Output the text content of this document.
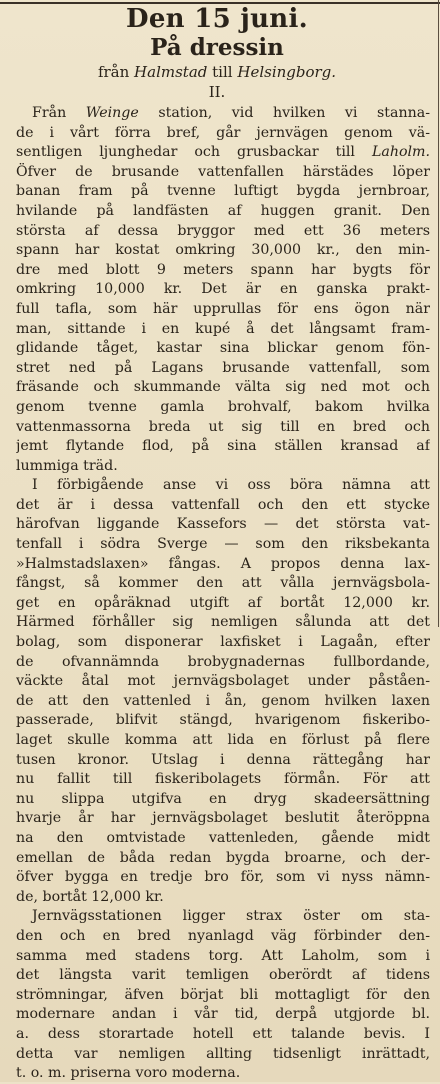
Den 15 juni.
På dressin
från Halmstad till Helsingborg.
II.
Från Weinge station, vid hvilken vi stanna-
de i vårt förra bref, går jernvägen genom vä-
sentligen ljunghedar och grusbackar till Laholm.
Öfver de brusande vattenfallen härstädes löper
banan fram på tvenne luftigt bygda jernbroar,
hvilande på landfästen af huggen granit. Den
största af dessa bryggor med ett 36 meters
spann har kostat omkring 30,000 kr., den min-
dre med blott 9 meters spann har bygts för
omkring 10,000 kr. Det är en ganska prakt-
full tafla, som här upprullas för ens ögon när
man, sittande i en kupé å det långsamt fram-
glidande tåget, kastar sina blickar genom fön-
stret ned på Lagans brusande vattenfall, som
fräsande och skummande välta sig ned mot och
genom tvenne gamla brohvalf, bakom hvilka
vattenmassorna breda ut sig till en bred och
jemt flytande flod, på sina ställen kransad af
lummiga träd.
I förbigående anse vi oss böra nämna att
det är i dessa vattenfall och den ett stycke
härofvan liggande Kassefors — det största vat-
tenfall i södra Sverge — som den riksbekanta
»Halmstadslaxen» fångas. A propos denna lax-
fångst, så kommer den att vålla jernvägsbola-
get en opåräknad utgift af bortåt 12,000 kr.
Härmed förhåller sig nemligen sålunda att det
bolag, som disponerar laxfisket i Lagaån, efter
de ofvannämnda brobygnadernas fullbordande,
väckte åtal mot jernvägsbolaget under påståen-
de att den vattenled i ån, genom hvilken laxen
passerade, blifvit stängd, hvarigenom fiskeribo-
laget skulle komma att lida en förlust på flere
tusen kronor. Utslag i denna rättegång har
nu fallit till fiskeribolagets förmån. För att
nu slippa utgifva en dryg skadeersättning
hvarje år har jernvägsbolaget beslutit återöppna
na den omtvistade vattenleden, gående midt
emellan de båda redan bygda broarne, och der-
öfver bygga en tredje bro för, som vi nyss nämn-
de, bortåt 12,000 kr.
Jernvägsstationen ligger strax öster om sta-
den och en bred nyanlagd väg förbinder den-
samma med stadens torg. Att Laholm, som i
det längsta varit temligen oberördt af tidens
strömningar, äfven börjat bli mottagligt för den
modernare andan i vår tid, derpå utgjorde bl.
a. dess storartade hotell ett talande bevis. I
detta var nemligen allting tidsenligt inrättadt,
t. o. m. priserna voro moderna.
